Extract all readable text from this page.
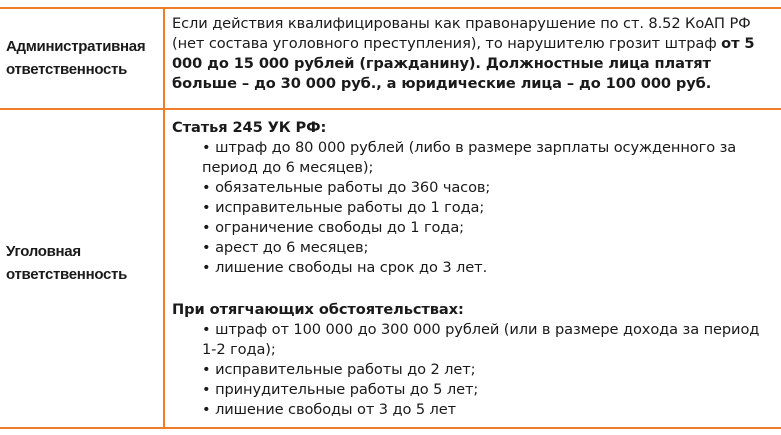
Административная ответственность
Если действия квалифицированы как правонарушение по ст. 8.52 КоАП РФ (нет состава уголовного преступления), то нарушителю грозит штраф от 5 000 до 15 000 рублей (гражданину). Должностные лица платят больше – до 30 000 руб., а юридические лица – до 100 000 руб.
Уголовная ответственность
Статья 245 УК РФ:
• штраф до 80 000 рублей (либо в размере зарплаты осужденного за период до 6 месяцев);
• обязательные работы до 360 часов;
• исправительные работы до 1 года;
• ограничение свободы до 1 года;
• арест до 6 месяцев;
• лишение свободы на срок до 3 лет.
При отягчающих обстоятельствах:
• штраф от 100 000 до 300 000 рублей (или в размере дохода за период 1-2 года);
• исправительные работы до 2 лет;
• принудительные работы до 5 лет;
• лишение свободы от 3 до 5 лет
